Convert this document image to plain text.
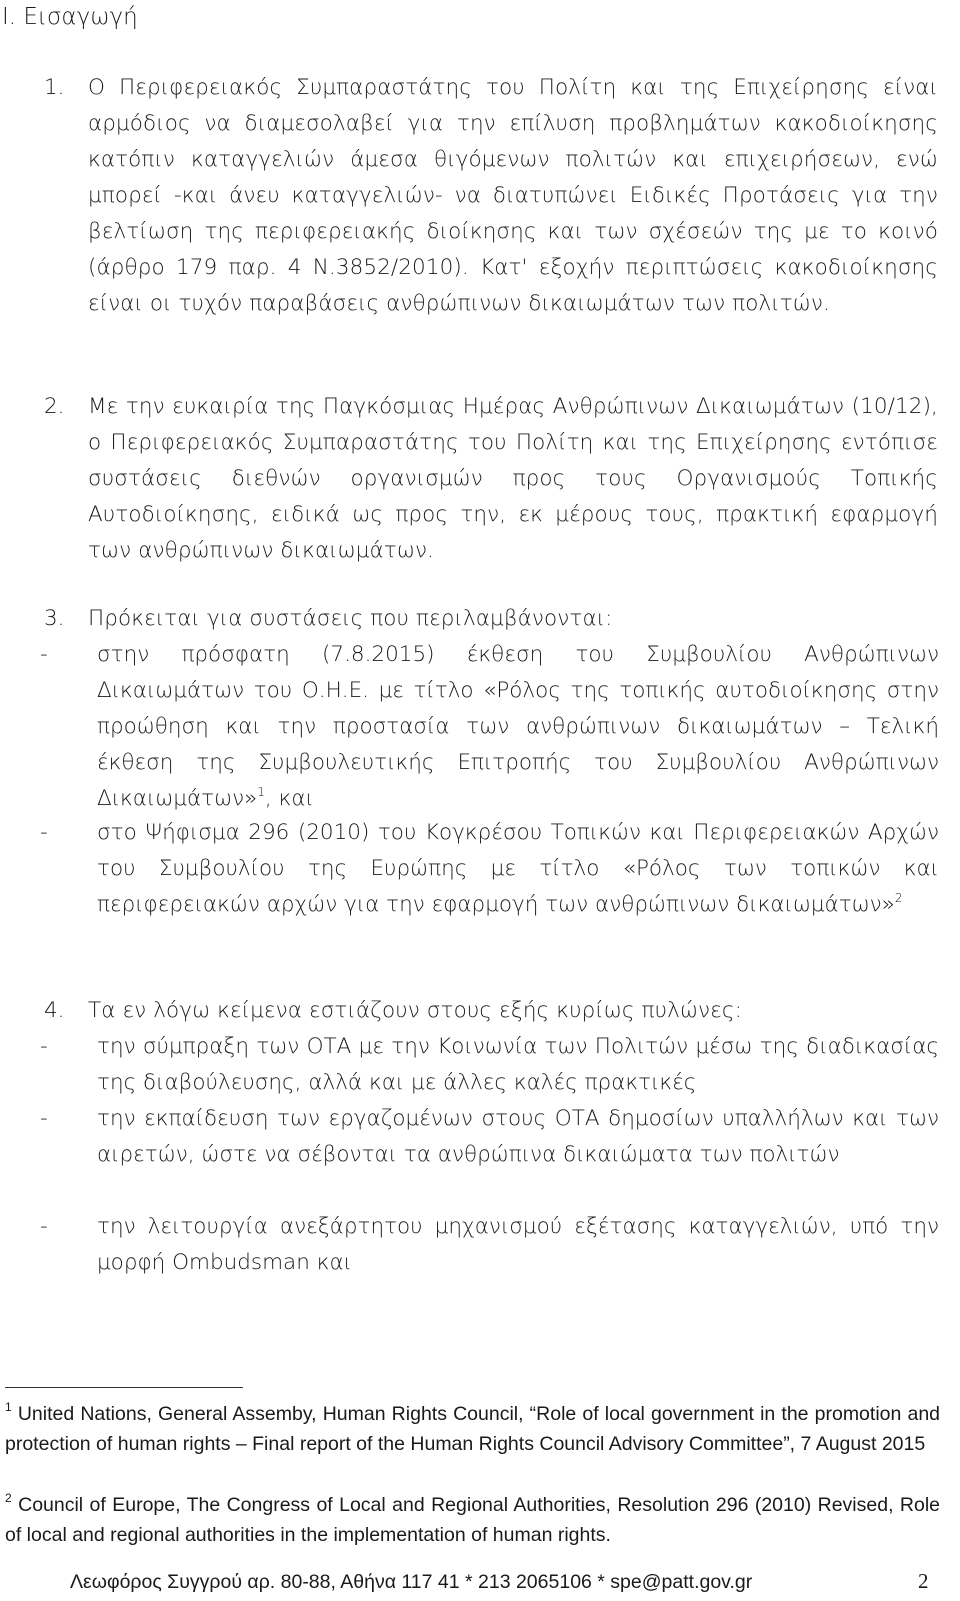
Ι. Εισαγωγή
1. Ο Περιφερειακός Συμπαραστάτης του Πολίτη και της Επιχείρησης είναι αρμόδιος να διαμεσολαβεί για την επίλυση προβλημάτων κακοδιοίκησης κατόπιν καταγγελιών άμεσα θιγόμενων πολιτών και επιχειρήσεων, ενώ μπορεί -και άνευ καταγγελιών- να διατυπώνει Ειδικές Προτάσεις για την βελτίωση της περιφερειακής διοίκησης και των σχέσεών της με το κοινό (άρθρο 179 παρ. 4 Ν.3852/2010). Κατ' εξοχήν περιπτώσεις κακοδιοίκησης είναι οι τυχόν παραβάσεις ανθρώπινων δικαιωμάτων των πολιτών.
2. Με την ευκαιρία της Παγκόσμιας Ημέρας Ανθρώπινων Δικαιωμάτων (10/12), ο Περιφερειακός Συμπαραστάτης του Πολίτη και της Επιχείρησης εντόπισε συστάσεις διεθνών οργανισμών προς τους Οργανισμούς Τοπικής Αυτοδιοίκησης, ειδικά ως προς την, εκ μέρους τους, πρακτική εφαρμογή των ανθρώπινων δικαιωμάτων.
3. Πρόκειται για συστάσεις που περιλαμβάνονται:
- στην πρόσφατη (7.8.2015) έκθεση του Συμβουλίου Ανθρώπινων Δικαιωμάτων του Ο.Η.Ε. με τίτλο «Ρόλος της τοπικής αυτοδιοίκησης στην προώθηση και την προστασία των ανθρώπινων δικαιωμάτων – Τελική έκθεση της Συμβουλευτικής Επιτροπής του Συμβουλίου Ανθρώπινων Δικαιωμάτων»$^1$, και
- στο Ψήφισμα 296 (2010) του Κογκρέσου Τοπικών και Περιφερειακών Αρχών του Συμβουλίου της Ευρώπης με τίτλο «Ρόλος των τοπικών και περιφερειακών αρχών για την εφαρμογή των ανθρώπινων δικαιωμάτων»$^2$
4. Τα εν λόγω κείμενα εστιάζουν στους εξής κυρίως πυλώνες:
- την σύμπραξη των ΟΤΑ με την Κοινωνία των Πολιτών μέσω της διαδικασίας της διαβούλευσης, αλλά και με άλλες καλές πρακτικές
- την εκπαίδευση των εργαζομένων στους ΟΤΑ δημοσίων υπαλλήλων και των αιρετών, ώστε να σέβονται τα ανθρώπινα δικαιώματα των πολιτών
- την λειτουργία ανεξάρτητου μηχανισμού εξέτασης καταγγελιών, υπό την μορφή Ombudsman και
$^1$ United Nations, General Assemby, Human Rights Council, “Role of local government in the promotion and protection of human rights – Final report of the Human Rights Council Advisory Committee”, 7 August 2015
$^2$ Council of Europe, The Congress of Local and Regional Authorities, Resolution 296 (2010) Revised, Role of local and regional authorities in the implementation of human rights.
Λεωφόρος Συγγρού αρ. 80-88, Αθήνα 117 41 * 213 2065106 * spe@patt.gov.gr	2
